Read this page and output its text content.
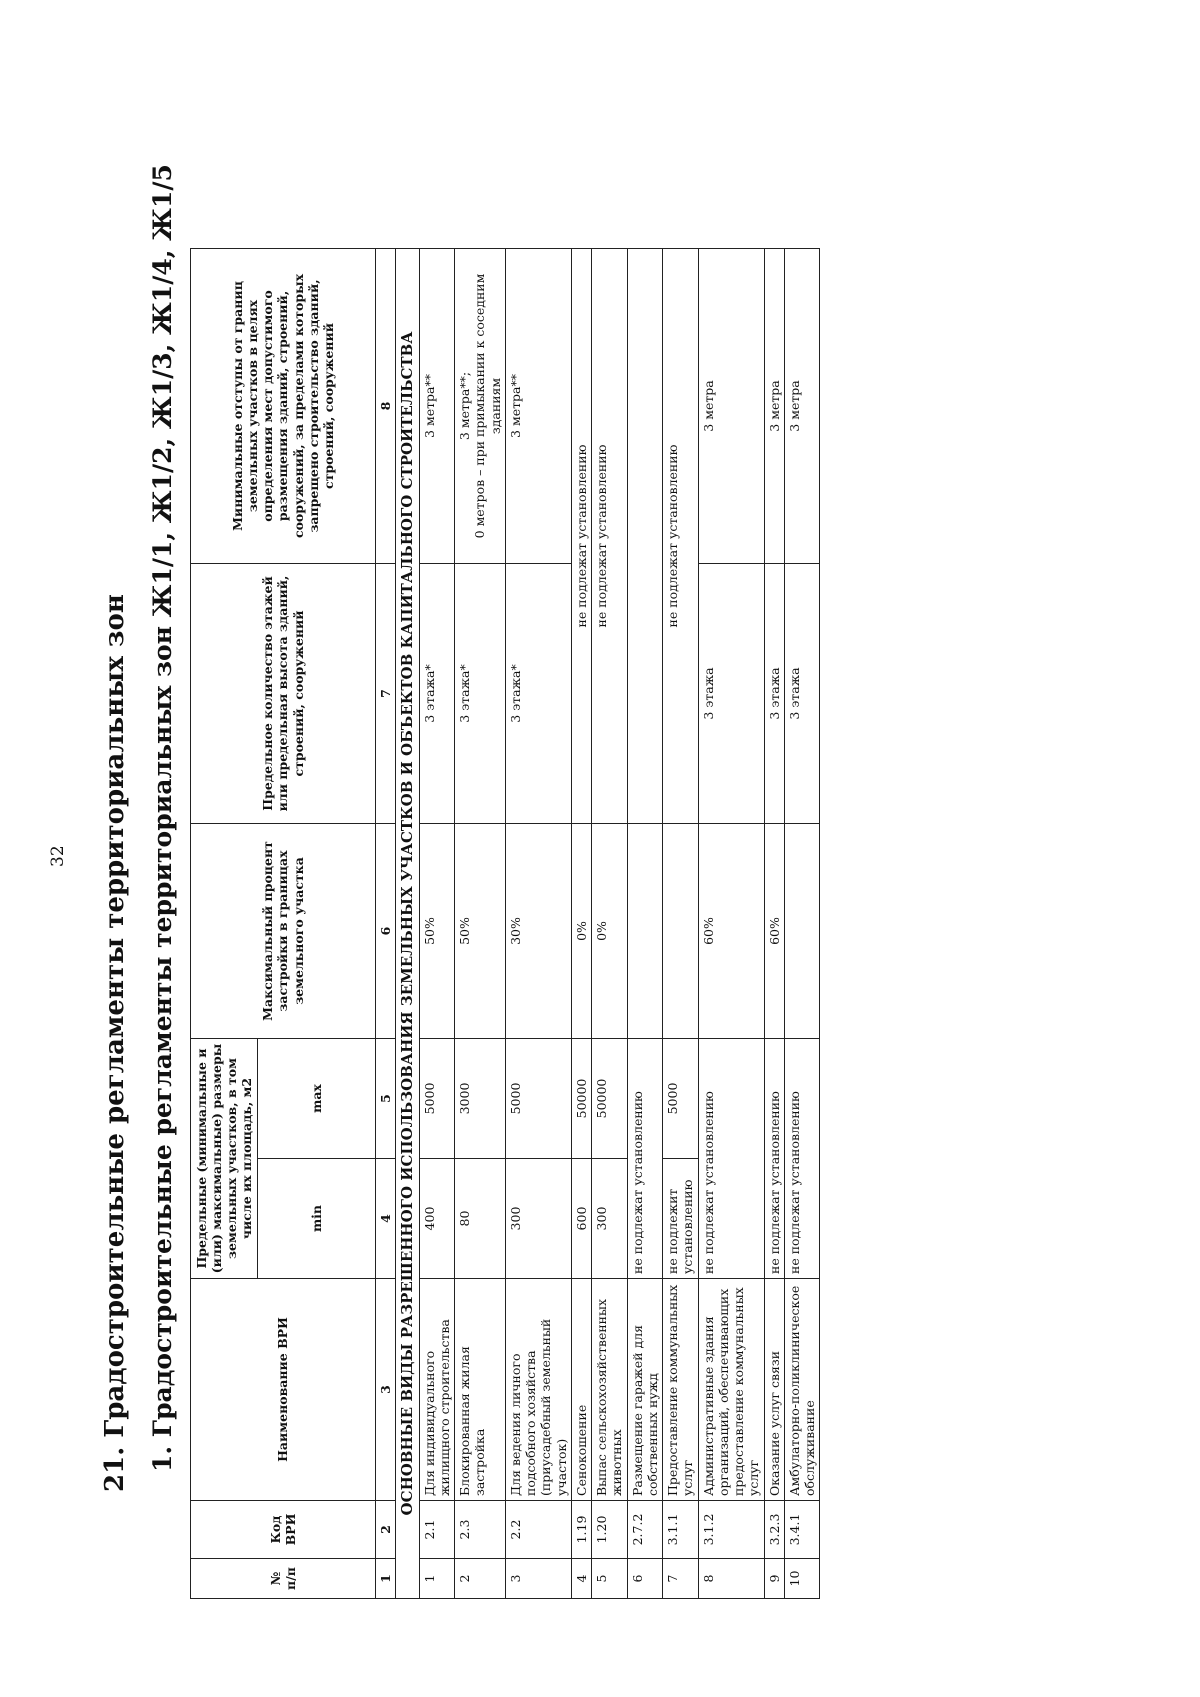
32 21. Градостроительные регламенты территориальных зон 1. Градостроительные регламенты территориальных зон Ж1/1, Ж1/2, Ж1/3, Ж1/4, Ж1/5
№ п/п	Код ВРИ	Наименование ВРИ	Предельные (минимальные и (или) максимальные) размеры земельных участков, в том числе их площадь, м2		Максимальный процент застройки в границах земельного участка	Предельное количество этажей или предельная высота зданий, строений, сооружений	Минимальные отступы от границ земельных участков в целях определения мест допустимого размещения зданий, строений, сооружений, за пределами которых запрещено строительство зданий, строений, сооружений
			min	max			
1	2	3	4	5	6	7	8
ОСНОВНЫЕ ВИДЫ РАЗРЕШЕННОГО ИСПОЛЬЗОВАНИЯ ЗЕМЕЛЬНЫХ УЧАСТКОВ И ОБЪЕКТОВ КАПИТАЛЬНОГО СТРОИТЕЛЬСТВА							
1	2.1	Для индивидуального жилищного строительства	400	5000	50%	3 этажа*	3 метра**
2	2.3	Блокированная жилая застройка	80	3000	50%	3 этажа*	3 метра**;
0 метров – при примыкании к соседним зданиям
3	2.2	Для ведения личного подсобного хозяйства (приусадебный земельный участок)	300	5000	30%	3 этажа*	3 метра**
4	1.19	Сенокошение	600	50000	0%	не подлежат установлению	
5	1.20	Выпас сельскохозяйственных животных	300	50000	0%	не подлежат установлению	
6	2.7.2	Размещение гаражей для собственных нужд	не подлежат установлению				
7	3.1.1	Предоставление коммунальных услуг	не подлежит установлению	5000		не подлежат установлению	
8	3.1.2	Административные здания организаций, обеспечивающих предоставление коммунальных услуг	не подлежат установлению		60%	3 этажа	3 метра
9	3.2.3	Оказание услуг связи	не подлежат установлению		60%	3 этажа	3 метра
10	3.4.1	Амбулаторно-поликлиническое обслуживание	не подлежат установлению			3 этажа	3 метра
